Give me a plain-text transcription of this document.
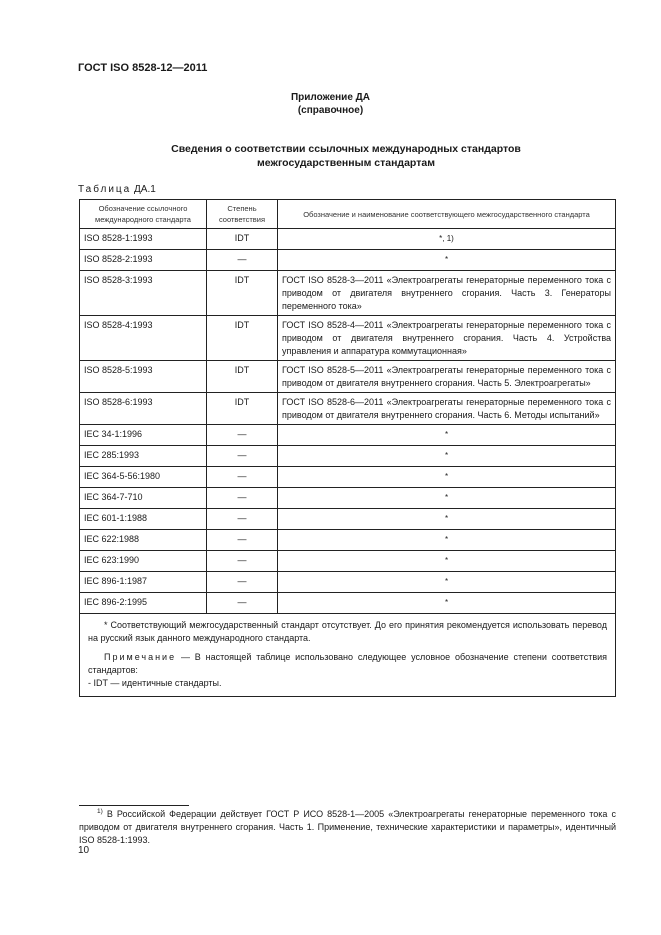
ГОСТ ISO 8528-12—2011
Приложение ДА
(справочное)
Сведения о соответствии ссылочных международных стандартов
межгосударственным стандартам
Таблица ДА.1
Обозначение ссылочного международного стандарта	Степень соответствия	Обозначение и наименование соответствующего межгосударственного стандарта
ISO 8528-1:1993	IDT	*, 1)
ISO 8528-2:1993	—	*
ISO 8528-3:1993	IDT	ГОСТ ISO 8528-3—2011 «Электроагрегаты генераторные переменного тока с приводом от двигателя внутреннего сгорания. Часть 3. Генераторы переменного тока»
ISO 8528-4:1993	IDT	ГОСТ ISO 8528-4—2011 «Электроагрегаты генераторные переменного тока с приводом от двигателя внутреннего сгорания. Часть 4. Устройства управления и аппаратура коммутационная»
ISO 8528-5:1993	IDT	ГОСТ ISO 8528-5—2011 «Электроагрегаты генераторные переменного тока с приводом от двигателя внутреннего сгорания. Часть 5. Электроагрегаты»
ISO 8528-6:1993	IDT	ГОСТ ISO 8528-6—2011 «Электроагрегаты генераторные переменного тока с приводом от двигателя внутреннего сгорания. Часть 6. Методы испытаний»
IEC 34-1:1996	—	*
IEC 285:1993	—	*
IEC 364-5-56:1980	—	*
IEC 364-7-710	—	*
IEC 601-1:1988	—	*
IEC 622:1988	—	*
IEC 623:1990	—	*
IEC 896-1:1987	—	*
IEC 896-2:1995	—	*

* Соответствующий межгосударственный стандарт отсутствует. До его принятия рекомендуется использовать перевод на русский язык данного международного стандарта.

Примечание — В настоящей таблице использовано следующее условное обозначение степени соответствия стандартов:

- IDT — идентичные стандарты.		

$^{1)}$ В Российской Федерации действует ГОСТ Р ИСО 8528-1—2005 «Электроагрегаты генераторные переменного тока с приводом от двигателя внутреннего сгорания. Часть 1. Применение, технические характеристики и параметры», идентичный ISO 8528-1:1993.
10
